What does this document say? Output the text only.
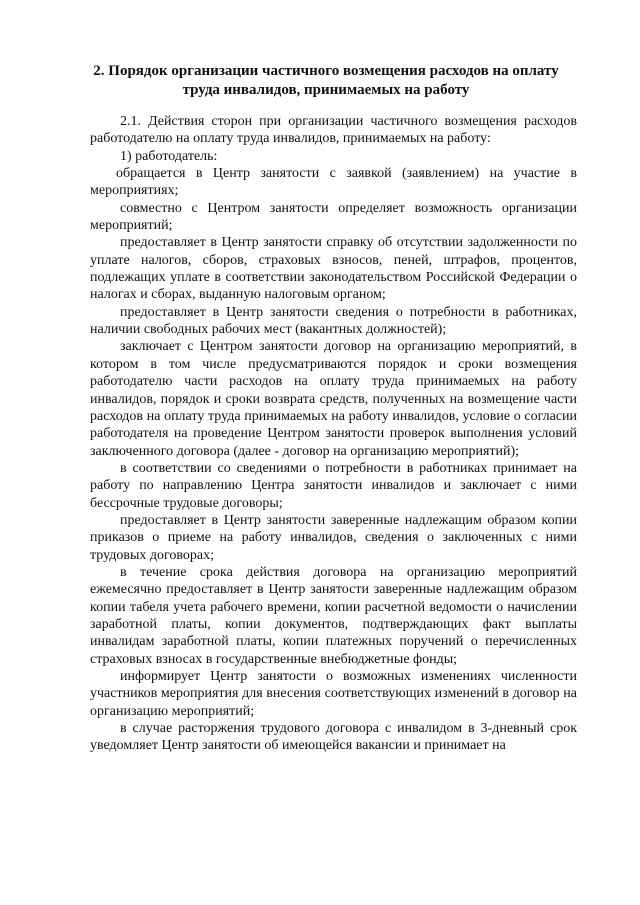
2. Порядок организации частичного возмещения расходов на оплату
труда инвалидов, принимаемых на работу

2.1. Действия сторон при организации частичного возмещения расходов работодателю на оплату труда инвалидов, принимаемых на работу:

1) работодатель:

обращается в Центр занятости с заявкой (заявлением) на участие в мероприятиях;

совместно с Центром занятости определяет возможность организации мероприятий;

предоставляет в Центр занятости справку об отсутствии задолженности по уплате налогов, сборов, страховых взносов, пеней, штрафов, процентов, подлежащих уплате в соответствии законодательством Российской Федерации о налогах и сборах, выданную налоговым органом;

предоставляет в Центр занятости сведения о потребности в работниках, наличии свободных рабочих мест (вакантных должностей);

заключает с Центром занятости договор на организацию мероприятий, в котором в том числе предусматриваются порядок и сроки возмещения работодателю части расходов на оплату труда принимаемых на работу инвалидов, порядок и сроки возврата средств, полученных на возмещение части расходов на оплату труда принимаемых на работу инвалидов, условие о согласии работодателя на проведение Центром занятости проверок выполнения условий заключенного договора (далее - договор на организацию мероприятий);

в соответствии со сведениями о потребности в работниках принимает на работу по направлению Центра занятости инвалидов и заключает с ними бессрочные трудовые договоры;

предоставляет в Центр занятости заверенные надлежащим образом копии приказов о приеме на работу инвалидов, сведения о заключенных с ними трудовых договорах;

в течение срока действия договора на организацию мероприятий ежемесячно предоставляет в Центр занятости заверенные надлежащим образом копии табеля учета рабочего времени, копии расчетной ведомости о начислении заработной платы, копии документов, подтверждающих факт выплаты инвалидам заработной платы, копии платежных поручений о перечисленных страховых взносах в государственные внебюджетные фонды;

информирует Центр занятости о возможных изменениях численности участников мероприятия для внесения соответствующих изменений в договор на организацию мероприятий;

в случае расторжения трудового договора с инвалидом в 3-дневный срок уведомляет Центр занятости об имеющейся вакансии и принимает на
